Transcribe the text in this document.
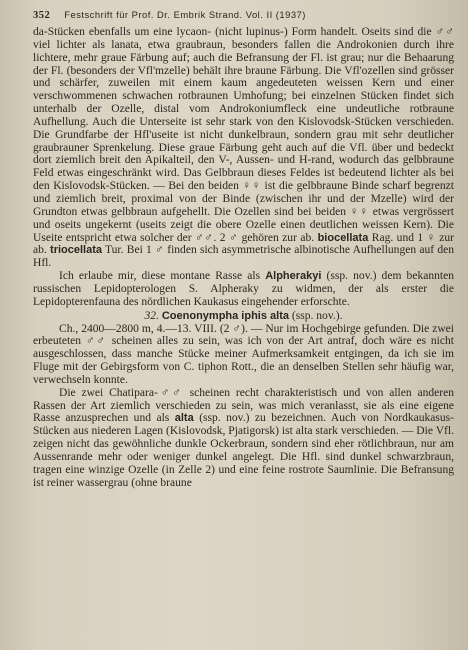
352 Festschrift für Prof. Dr. Embrik Strand. Vol. II (1937)

da-Stücken ebenfalls um eine lycaon- (nicht lupinus-) Form handelt. Oseits sind die ♂♂ viel lichter als lanata, etwa graubraun, besonders fallen die Androkonien durch ihre lichtere, mehr graue Färbung auf; auch die Befransung der Fl. ist grau; nur die Behaarung der Fl. (besonders der Vfl'mzelle) behält ihre braune Färbung. Die Vfl'ozellen sind grösser und schärfer, zuweilen mit einem kaum angedeuteten weissen Kern und einer verschwommenen schwachen rotbraunen Umhofung; bei einzelnen Stücken findet sich unterhalb der Ozelle, distal vom Androkoniumfleck eine undeutliche rotbraune Aufhellung. Auch die Unterseite ist sehr stark von den Kislovodsk-Stücken verschieden. Die Grundfarbe der Hfl'useite ist nicht dunkelbraun, sondern grau mit sehr deutlicher graubrauner Sprenkelung. Diese graue Färbung geht auch auf die Vfl. über und bedeckt dort ziemlich breit den Apikalteil, den V-, Aussen- und H-rand, wodurch das gelbbraune Feld etwas eingeschränkt wird. Das Gelbbraun dieses Feldes ist bedeutend lichter als bei den Kislovodsk-Stücken. — Bei den beiden ♀♀ ist die gelbbraune Binde scharf begrenzt und ziemlich breit, proximal von der Binde (zwischen ihr und der Mzelle) wird der Grundton etwas gelbbraun aufgehellt. Die Ozellen sind bei beiden ♀♀ etwas vergrössert und oseits ungekernt (useits zeigt die obere Ozelle einen deutlichen weissen Kern). Die Useite entspricht etwa solcher der ♂♂. 2 ♂ gehören zur ab. biocellata Rag. und 1 ♀ zur ab. triocellata Tur. Bei 1 ♂ finden sich asymmetrische albinotische Aufhellungen auf den Hfl.

Ich erlaube mir, diese montane Rasse als Alpherakyi (ssp. nov.) dem bekannten russischen Lepidopterologen S. Alpheraky zu widmen, der als erster die Lepidopterenfauna des nördlichen Kaukasus eingehender erforschte.

32. Coenonympha iphis alta (ssp. nov.).

Ch., 2400—2800 m, 4.—13. VIII. (2 ♂). — Nur im Hochgebirge gefunden. Die zwei erbeuteten ♂♂ scheinen alles zu sein, was ich von der Art antraf, doch wäre es nicht ausgeschlossen, dass manche Stücke meiner Aufmerksamkeit entgingen, da ich sie im Fluge mit der Gebirgsform von C. tiphon Rott., die an denselben Stellen sehr häufig war, verwechseln konnte.

Die zwei Chatipara-♂♂ scheinen recht charakteristisch und von allen anderen Rassen der Art ziemlich verschieden zu sein, was mich veranlasst, sie als eine eigene Rasse anzusprechen und als alta (ssp. nov.) zu bezeichnen. Auch von Nordkaukasus-Stücken aus niederen Lagen (Kislovodsk, Pjatigorsk) ist alta stark verschieden. — Die Vfl. zeigen nicht das gewöhnliche dunkle Ockerbraun, sondern sind eher rötlichbraun, nur am Aussenrande mehr oder weniger dunkel angelegt. Die Hfl. sind dunkel schwarzbraun, tragen eine winzige Ozelle (in Zelle 2) und eine feine rostrote Saumlinie. Die Befransung ist reiner wassergrau (ohne braune
